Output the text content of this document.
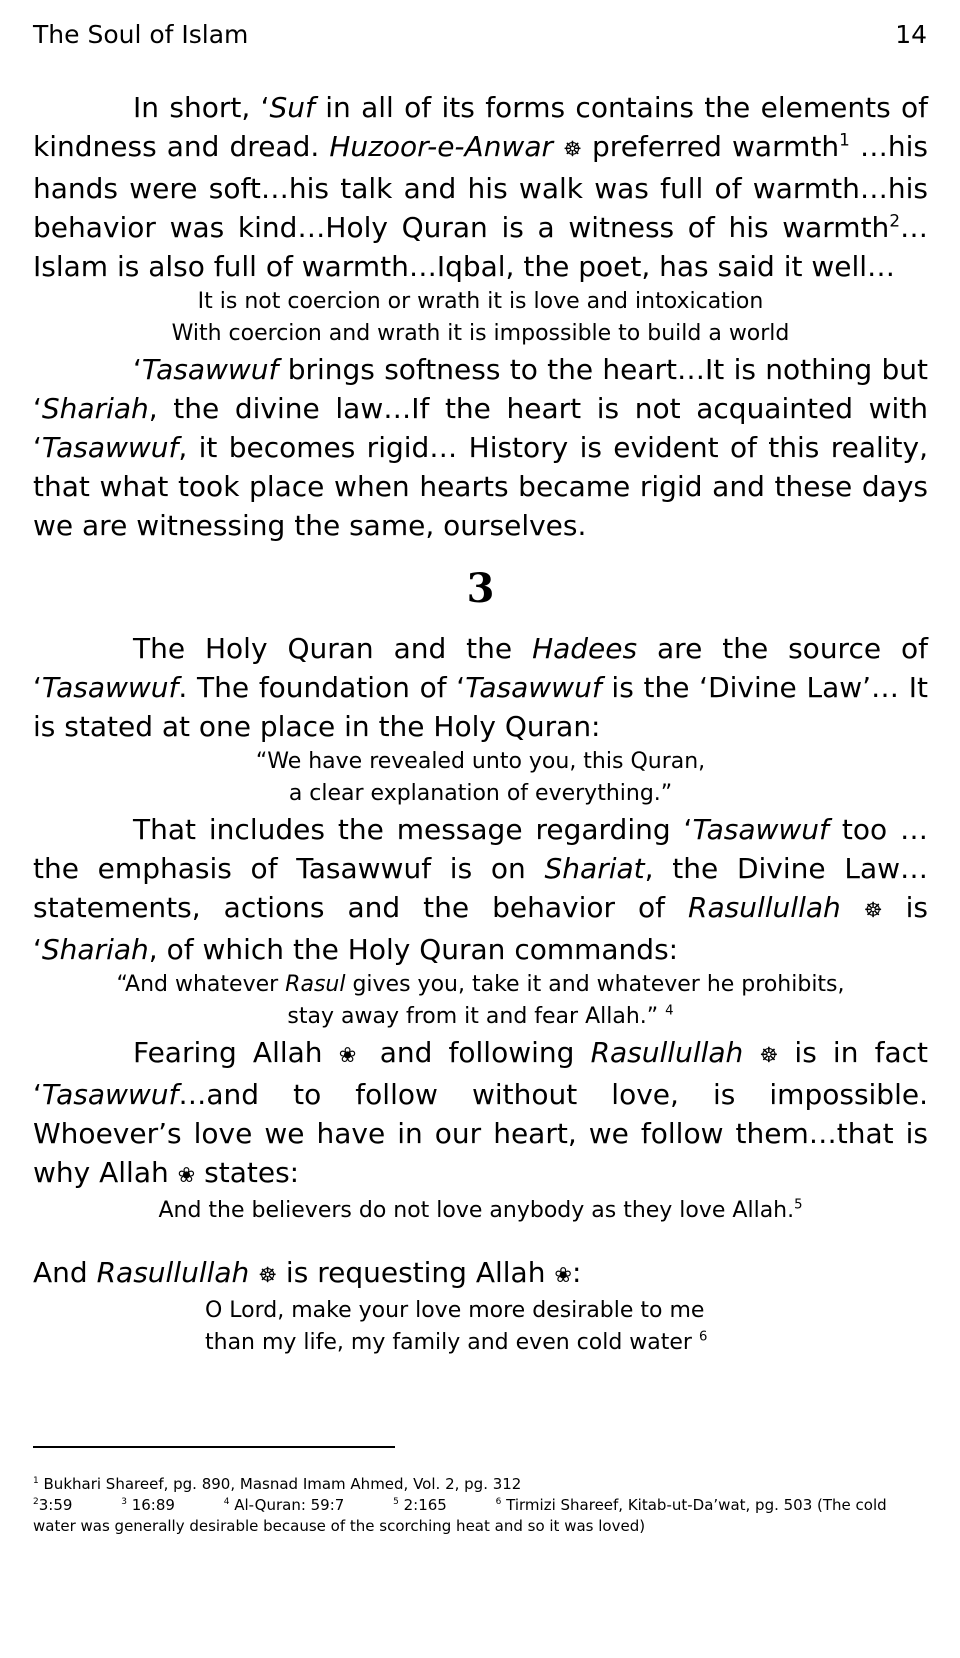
The Soul of Islam	14

In short, ‘Suf in all of its forms contains the elements of kindness and dread. Huzoor-e-Anwar ☸ preferred warmth$^1$ …his hands were soft…his talk and his walk was full of warmth…his behavior was kind…Holy Quran is a witness of his warmth$^2$…Islam is also full of warmth…Iqbal, the poet, has said it well…

It is not coercion or wrath it is love and intoxication

With coercion and wrath it is impossible to build a world

‘Tasawwuf brings softness to the heart…It is nothing but ‘Shariah, the divine law…If the heart is not acquainted with ‘Tasawwuf, it becomes rigid… History is evident of this reality, that what took place when hearts became rigid and these days we are witnessing the same, ourselves.

3

The Holy Quran and the Hadees are the source of ‘Tasawwuf. The foundation of ‘Tasawwuf is the ‘Divine Law’… It is stated at one place in the Holy Quran:

“We have revealed unto you, this Quran,

a clear explanation of everything.”

That includes the message regarding ‘Tasawwuf too …the emphasis of Tasawwuf is on Shariat, the Divine Law… statements, actions and the behavior of Rasullullah ☸ is ‘Shariah, of which the Holy Quran commands:

“And whatever Rasul gives you, take it and whatever he prohibits,

stay away from it and fear Allah.” $^4$

Fearing Allah ❀ and following Rasullullah ☸ is in fact ‘Tasawwuf…and to follow without love, is impossible. Whoever’s love we have in our heart, we follow them…that is why Allah ❀ states:

And the believers do not love anybody as they love Allah.$^5$

And Rasullullah ☸ is requesting Allah ❀:

O Lord, make your love more desirable to me

than my life, my family and even cold water $^6$

$^1$ Bukhari Shareef, pg. 890, Masnad Imam Ahmed, Vol. 2, pg. 312
$^2$3:59	$^3$ 16:89	$^4$ Al-Quran: 59:7	$^5$ 2:165	$^6$ Tirmizi Shareef, Kitab-ut-Da’wat, pg. 503 (The cold water was generally desirable because of the scorching heat and so it was loved)
